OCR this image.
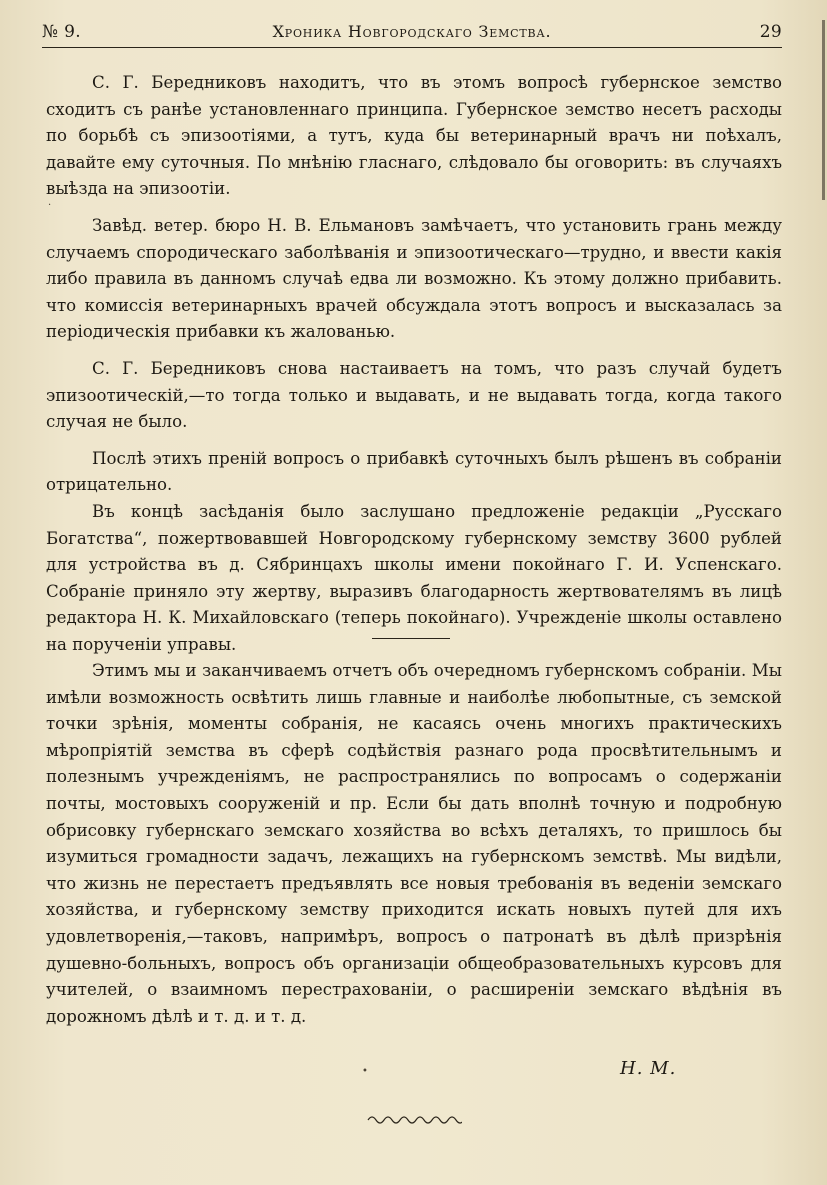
№ 9.	Хроника Новгородскаго Земства.	29

С. Г. Бередниковъ находитъ, что въ этомъ вопросѣ губернское земство сходитъ съ ранѣе установленнаго принципа. Губернское земство несетъ расходы по борьбѣ съ эпизоотіями, а тутъ, куда бы ветеринарный врачъ ни поѣхалъ, давайте ему суточныя. По мнѣнію гласнаго, слѣдовало бы оговорить: въ случаяхъ выѣзда на эпизоотіи.

Завѣд. ветер. бюро Н. В. Ельмановъ замѣчаетъ, что установить грань между случаемъ спородическаго заболѣванія и эпизоотическаго—трудно, и ввести какія либо правила въ данномъ случаѣ едва ли возможно. Къ этому должно прибавить. что комиссія ветеринарныхъ врачей обсуждала этотъ вопросъ и высказалась за періодическія прибавки къ жалованью.

С. Г. Бередниковъ снова настаиваетъ на томъ, что разъ случай будетъ эпизоотическій,—то тогда только и выдавать, и не выдавать тогда, когда такого случая не было.

Послѣ этихъ преній вопросъ о прибавкѣ суточныхъ былъ рѣшенъ въ собраніи отрицательно.

Въ концѣ засѣданія было заслушано предложеніе редакціи „Русскаго Богатства“, пожертвовавшей Новгородскому губернскому земству 3600 рублей для устройства въ д. Сябринцахъ школы имени покойнаго Г. И. Успенскаго. Собраніе приняло эту жертву, выразивъ благодарность жертвователямъ въ лицѣ редактора Н. К. Михайловскаго (теперь покойнаго). Учрежденіе школы оставлено на порученіи управы.

Этимъ мы и заканчиваемъ отчетъ объ очередномъ губернскомъ собраніи. Мы имѣли возможность освѣтить лишь главные и наиболѣе любопытные, съ земской точки зрѣнія, моменты собранія, не касаясь очень многихъ практическихъ мѣропріятій земства въ сферѣ содѣйствія разнаго рода просвѣтительнымъ и полезнымъ учрежденіямъ, не распространялись по вопросамъ о содержаніи почты, мостовыхъ сооруженій и пр. Если бы дать вполнѣ точную и подробную обрисовку губернскаго земскаго хозяйства во всѣхъ деталяхъ, то пришлось бы изумиться громадности задачъ, лежащихъ на губернскомъ земствѣ. Мы видѣли, что жизнь не перестаетъ предъявлять все новыя требованія въ веденіи земскаго хозяйства, и губернскому земству приходится искать новыхъ путей для ихъ удовлетворенія,—таковъ, напримѣръ, вопросъ о патронатѣ въ дѣлѣ призрѣнія душевно-больныхъ, вопросъ объ организаціи общеобразовательныхъ курсовъ для учителей, о взаимномъ перестрахованіи, о расширеніи земскаго вѣдѣнія въ дорожномъ дѣлѣ и т. д. и т. д.

Н. М.
·
•
